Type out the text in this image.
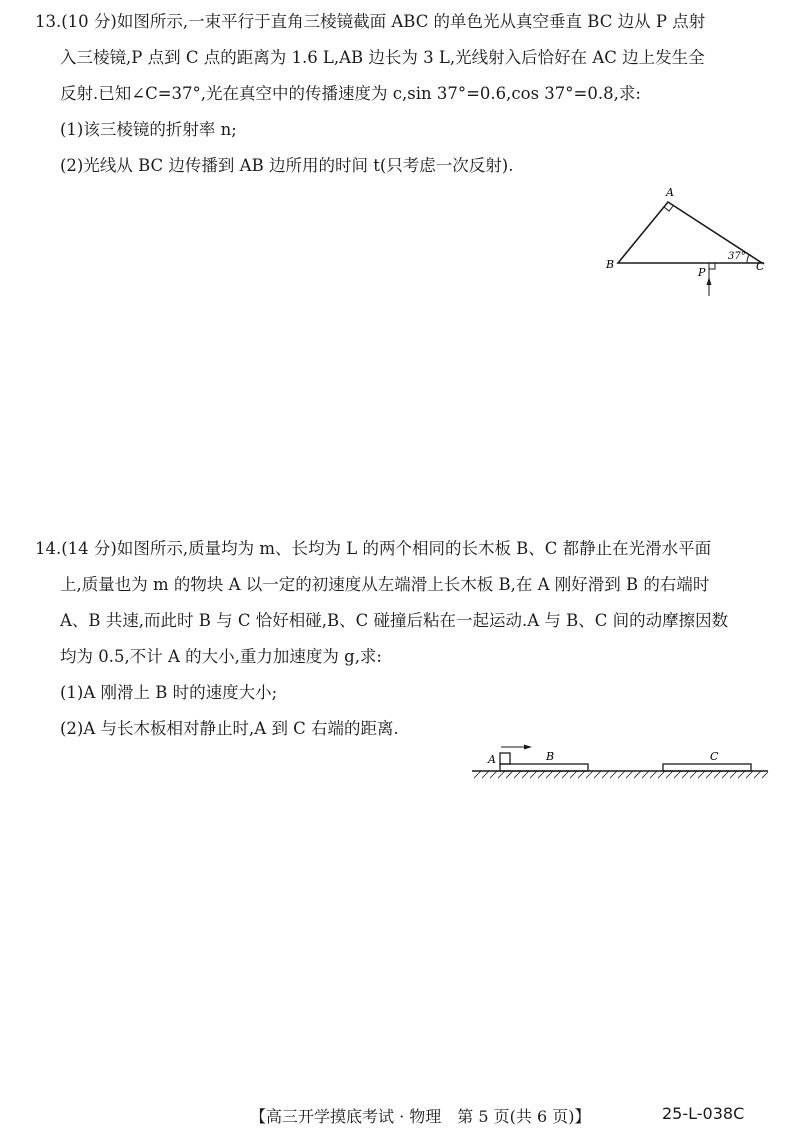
13.(10 分)如图所示,一束平行于直角三棱镜截面 ABC 的单色光从真空垂直 BC 边从 P 点射
入三棱镜,P 点到 C 点的距离为 1.6 L,AB 边长为 3 L,光线射入后恰好在 AC 边上发生全
反射.已知∠C=37°,光在真空中的传播速度为 c,sin 37°=0.6,cos 37°=0.8,求:
(1)该三棱镜的折射率 n;
(2)光线从 BC 边传播到 AB 边所用的时间 t(只考虑一次反射).
A
B	C
P
37°
14.(14 分)如图所示,质量均为 m、长均为 L 的两个相同的长木板 B、C 都静止在光滑水平面
上,质量也为 m 的物块 A 以一定的初速度从左端滑上长木板 B,在 A 刚好滑到 B 的右端时
A、B 共速,而此时 B 与 C 恰好相碰,B、C 碰撞后粘在一起运动.A 与 B、C 间的动摩擦因数
均为 0.5,不计 A 的大小,重力加速度为 g,求:
(1)A 刚滑上 B 时的速度大小;
(2)A 与长木板相对静止时,A 到 C 右端的距离.
A	B	C
【高三开学摸底考试 · 物理　第 5 页(共 6 页)】	25-L-038C
